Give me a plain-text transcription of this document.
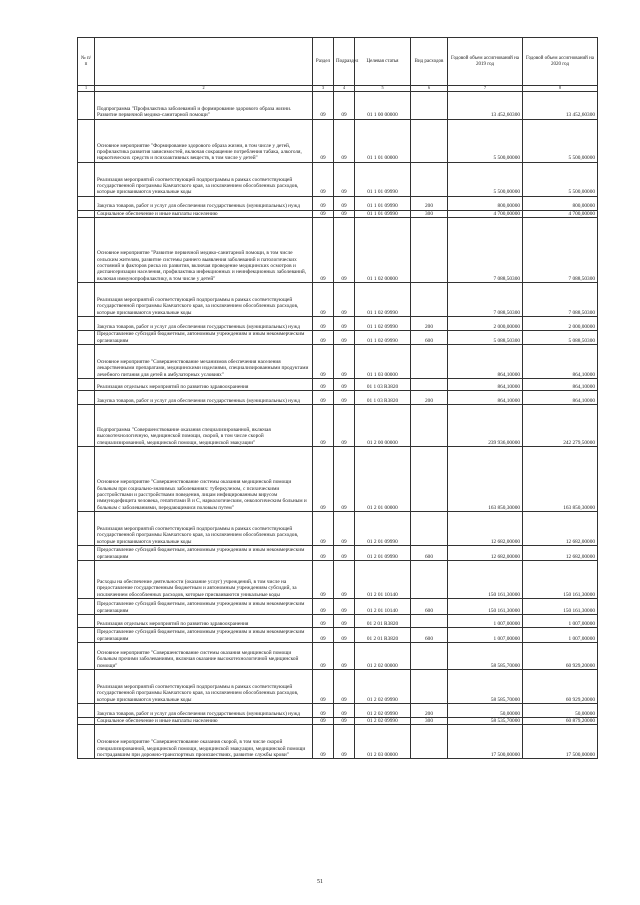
№ п/п		Раздел	Подраздел	Целевая статья	Вид расходов	Годовой объем ассигнований на 2019 год	Годовой объем ассигнований на 2020 год
1	2	3	4	5	6	7	8
	Подпрограмма "Профилактика заболеваний и формирование здорового образа жизни. Развитие первичной медико-санитарной помощи"	09	09	01 1 00 00000		13 452,60300	13 452,60300
	Основное мероприятие "Формирование здорового образа жизни, в том числе у детей, профилактика развития зависимостей, включая сокращение потребления табака, алкоголя, наркотических средств и психоактивных веществ, в том числе у детей"	09	09	01 1 01 00000		5 500,00000	5 500,00000
	Реализация мероприятий соответствующей подпрограммы в рамках соответствующей государственной программы Камчатского края, за исключением обособленных расходов, которые присваиваются уникальные коды	09	09	01 1 01 09990		5 500,00000	5 500,00000
	Закупка товаров, работ и услуг для обеспечения государственных (муниципальных) нужд	09	09	01 1 01 09990	200	800,00000	800,00000
	Социальное обеспечение и иные выплаты населению	09	09	01 1 01 09990	300	4 700,00000	4 700,00000
	Основное мероприятие "Развитие первичной медико-санитарной помощи, в том числе сельским жителям, развитие системы раннего выявления заболеваний и патологических состояний и факторов риска их развития, включая проведение медицинских осмотров и диспансеризации населения, профилактика инфекционных и неинфекционных заболеваний, включая иммунопрофилактику, в том числе у детей"	09	09	01 1 02 00000		7 088,50300	7 088,50300
	Реализация мероприятий соответствующей подпрограммы в рамках соответствующей государственной программы Камчатского края, за исключением обособленных расходов, которые присваиваются уникальные коды	09	09	01 1 02 09990		7 088,50300	7 088,50300
	Закупка товаров, работ и услуг для обеспечения государственных (муниципальных) нужд	09	09	01 1 02 09990	200	2 000,00000	2 000,00000
	Предоставление субсидий бюджетным, автономным учреждениям и иным некоммерческим организациям	09	09	01 1 02 09990	600	5 088,50300	5 088,50300
	Основное мероприятие "Совершенствование механизмов обеспечения населения лекарственными препаратами, медицинскими изделиями, специализированными продуктами лечебного питания для детей в амбулаторных условиях"	09	09	01 1 03 00000		864,10000	864,10000
	Реализация отдельных мероприятий по развитию здравоохранения	09	09	01 1 03 R3820		864,10000	864,10000
	Закупка товаров, работ и услуг для обеспечения государственных (муниципальных) нужд	09	09	01 1 03 R3820	200	864,10000	864,10000
	Подпрограмма "Совершенствование оказания специализированной, включая высокотехнологичную, медицинской помощи, скорой, в том числе скорой специализированной, медицинской помощи, медицинской эвакуации"	09	09	01 2 00 00000		239 936,00000	242 279,50000
	Основное мероприятие "Совершенствование системы оказания медицинской помощи больным при социально-значимых заболеваниях: туберкулезом, с психическими расстройствами и расстройствами поведения, лицам инфицированным вирусом иммунодефицита человека, гепатитами В и С, наркологическим, онкологическим больным и больным с заболеваниями, передающимися половым путем"	09	09	01 2 01 00000		163 850,30000	163 850,30000
	Реализация мероприятий соответствующей подпрограммы в рамках соответствующей государственной программы Камчатского края, за исключением обособленных расходов, которые присваиваются уникальные коды	09	09	01 2 01 09990		12 682,00000	12 682,00000
	Предоставление субсидий бюджетным, автономным учреждениям и иным некоммерческим организациям	09	09	01 2 01 09990	600	12 682,00000	12 682,00000
	Расходы на обеспечение деятельности (оказание услуг) учреждений, в том числе на предоставление государственным бюджетным и автономным учреждениям субсидий, за исключением обособленных расходов, которые присваиваются уникальные коды	09	09	01 2 01 10140		150 161,30000	150 161,30000
	Предоставление субсидий бюджетным, автономным учреждениям и иным некоммерческим организациям	09	09	01 2 01 10140	600	150 161,30000	150 161,30000
	Реализация отдельных мероприятий по развитию здравоохранения	09	09	01 2 01 R3820		1 007,00000	1 007,00000
	Предоставление субсидий бюджетным, автономным учреждениям и иным некоммерческим организациям	09	09	01 2 01 R3820	600	1 007,00000	1 007,00000
	Основное мероприятие "Совершенствование системы оказания медицинской помощи больным прочими заболеваниями, включая оказание высокотехнологичной медицинской помощи"	09	09	01 2 02 00000		58 585,70000	60 929,20000
	Реализация мероприятий соответствующей подпрограммы в рамках соответствующей государственной программы Камчатского края, за исключением обособленных расходов, которые присваиваются уникальные коды	09	09	01 2 02 09990		58 585,70000	60 929,20000
	Закупка товаров, работ и услуг для обеспечения государственных (муниципальных) нужд	09	09	01 2 02 09990	200	50,00000	50,00000
	Социальное обеспечение и иные выплаты населению	09	09	01 2 02 09990	300	58 535,70000	60 879,20000
	Основное мероприятие "Совершенствование оказания скорой, в том числе скорой специализированной, медицинской помощи, медицинской эвакуации, медицинской помощи пострадавшим при дорожно-транспортных происшествиях, развитие службы крови"	09	09	01 2 03 00000		17 500,00000	17 500,00000
51
